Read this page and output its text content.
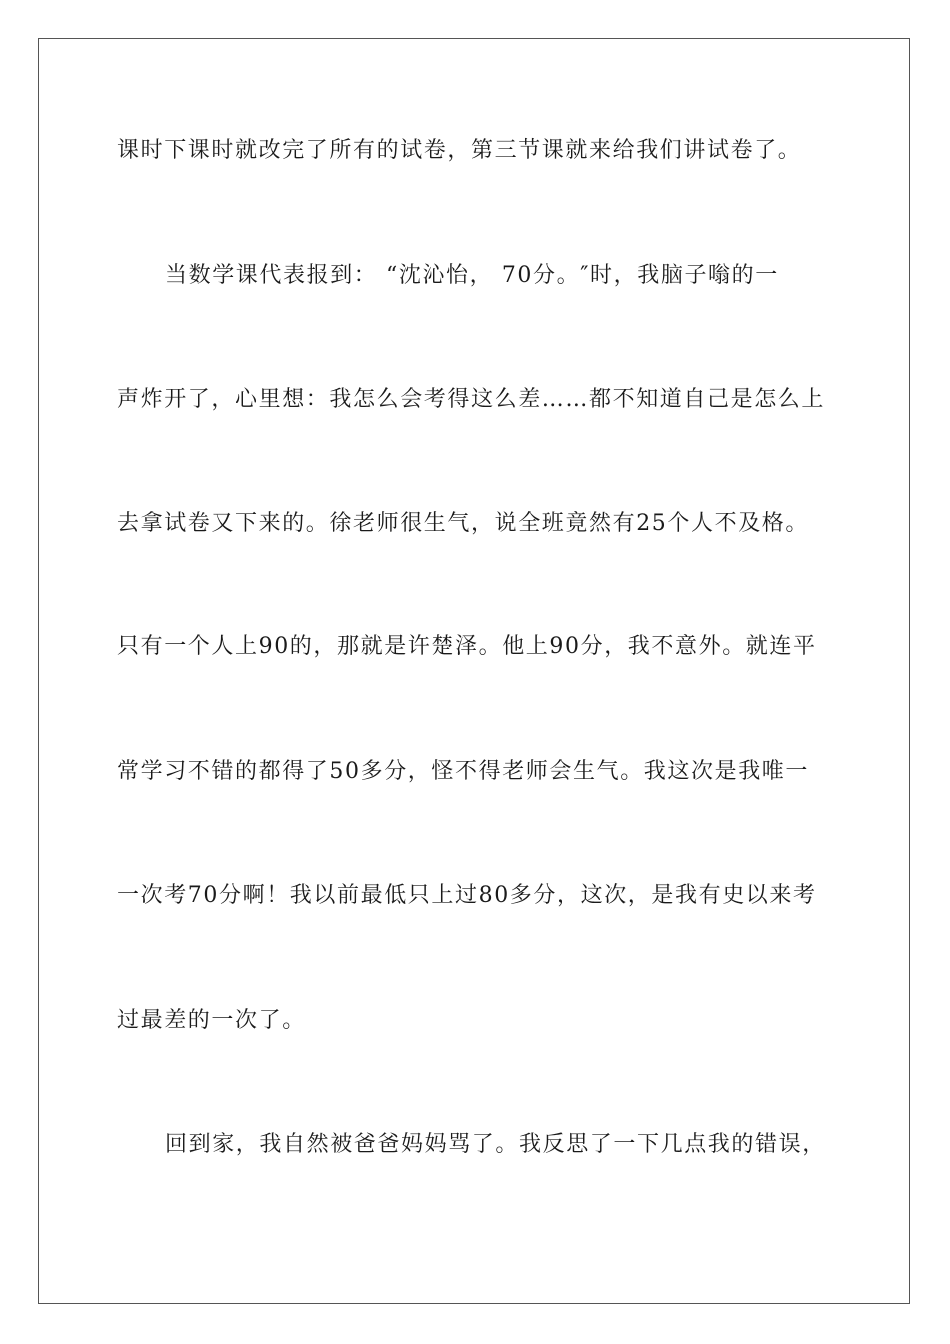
课时下课时就改完了所有的试卷，第三节课就来给我们讲试卷了。
当数学课代表报到： “沈沁怡， 70分。″时，我脑子嗡的一
声炸开了，心里想：我怎么会考得这么差……都不知道自己是怎么上
去拿试卷又下来的。徐老师很生气，说全班竟然有25个人不及格。
只有一个人上90的，那就是许楚泽。他上90分，我不意外。就连平
常学习不错的都得了50多分，怪不得老师会生气。我这次是我唯一
一次考70分啊！我以前最低只上过80多分，这次，是我有史以来考
过最差的一次了。
回到家，我自然被爸爸妈妈骂了。我反思了一下几点我的错误，
